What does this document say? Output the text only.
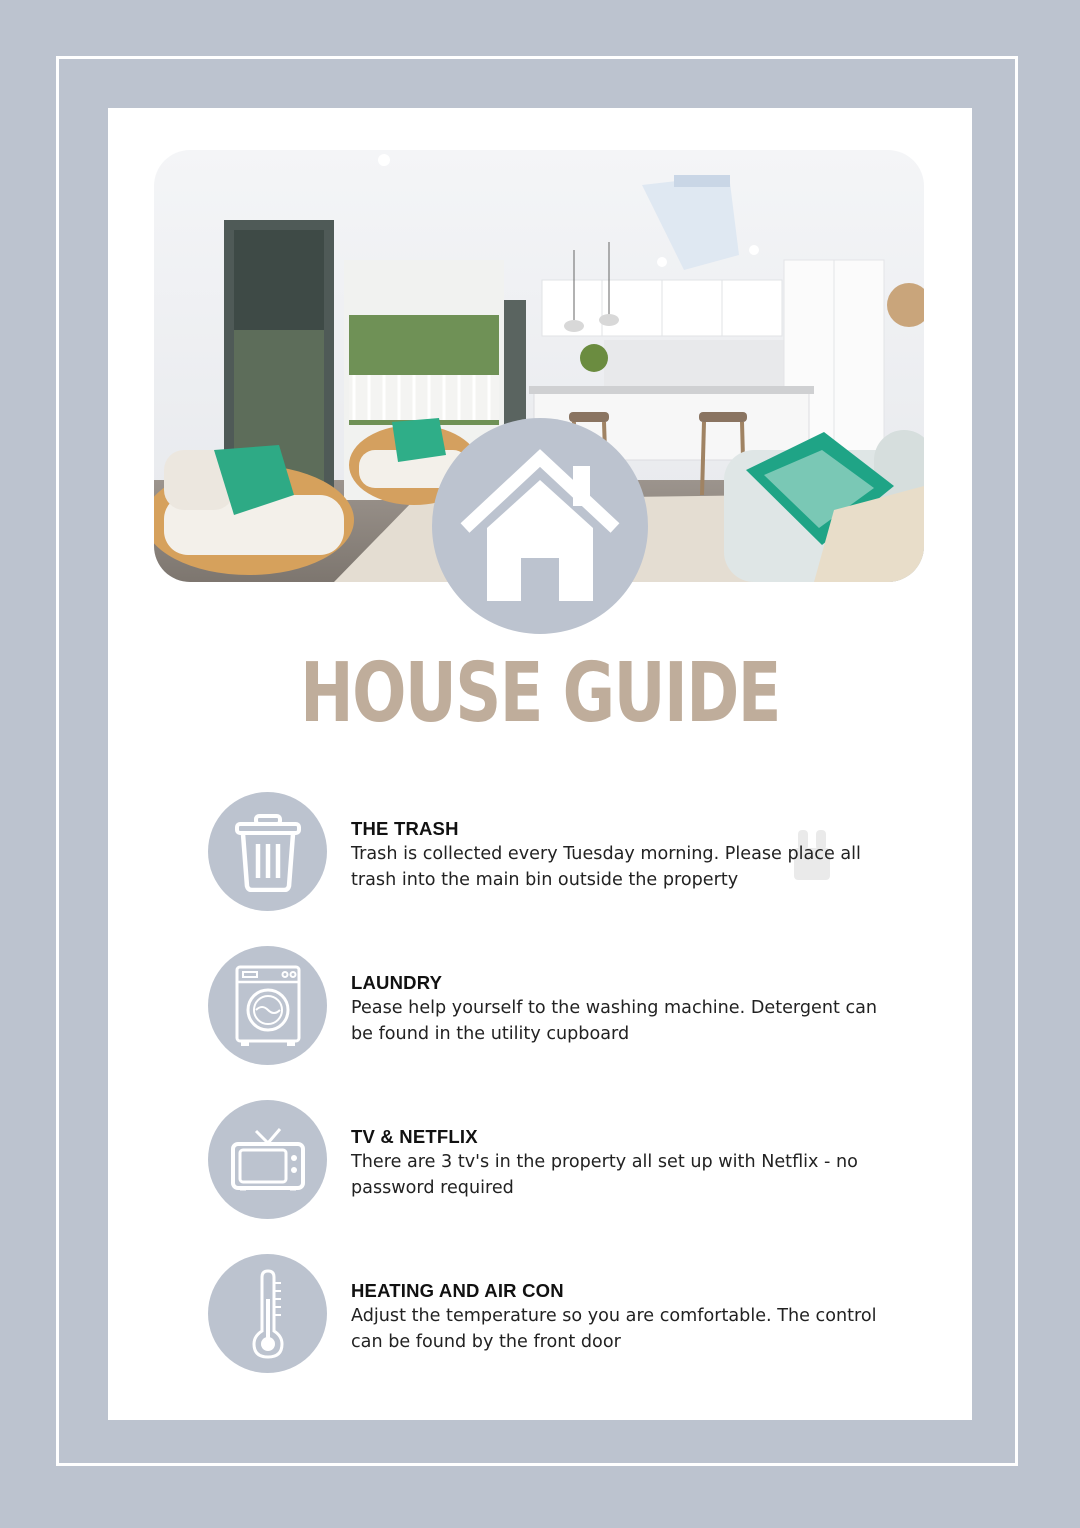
HOUSE GUIDE
THE TRASH
Trash is collected every Tuesday morning. Please place all trash into the main bin outside the property
LAUNDRY
Pease help yourself to the washing machine. Detergent can be found in the utility cupboard
TV & NETFLIX
There are 3 tv's in the property all set up with Netflix - no password required
HEATING AND AIR CON
Adjust the temperature so you are comfortable. The control can be found by the front door
